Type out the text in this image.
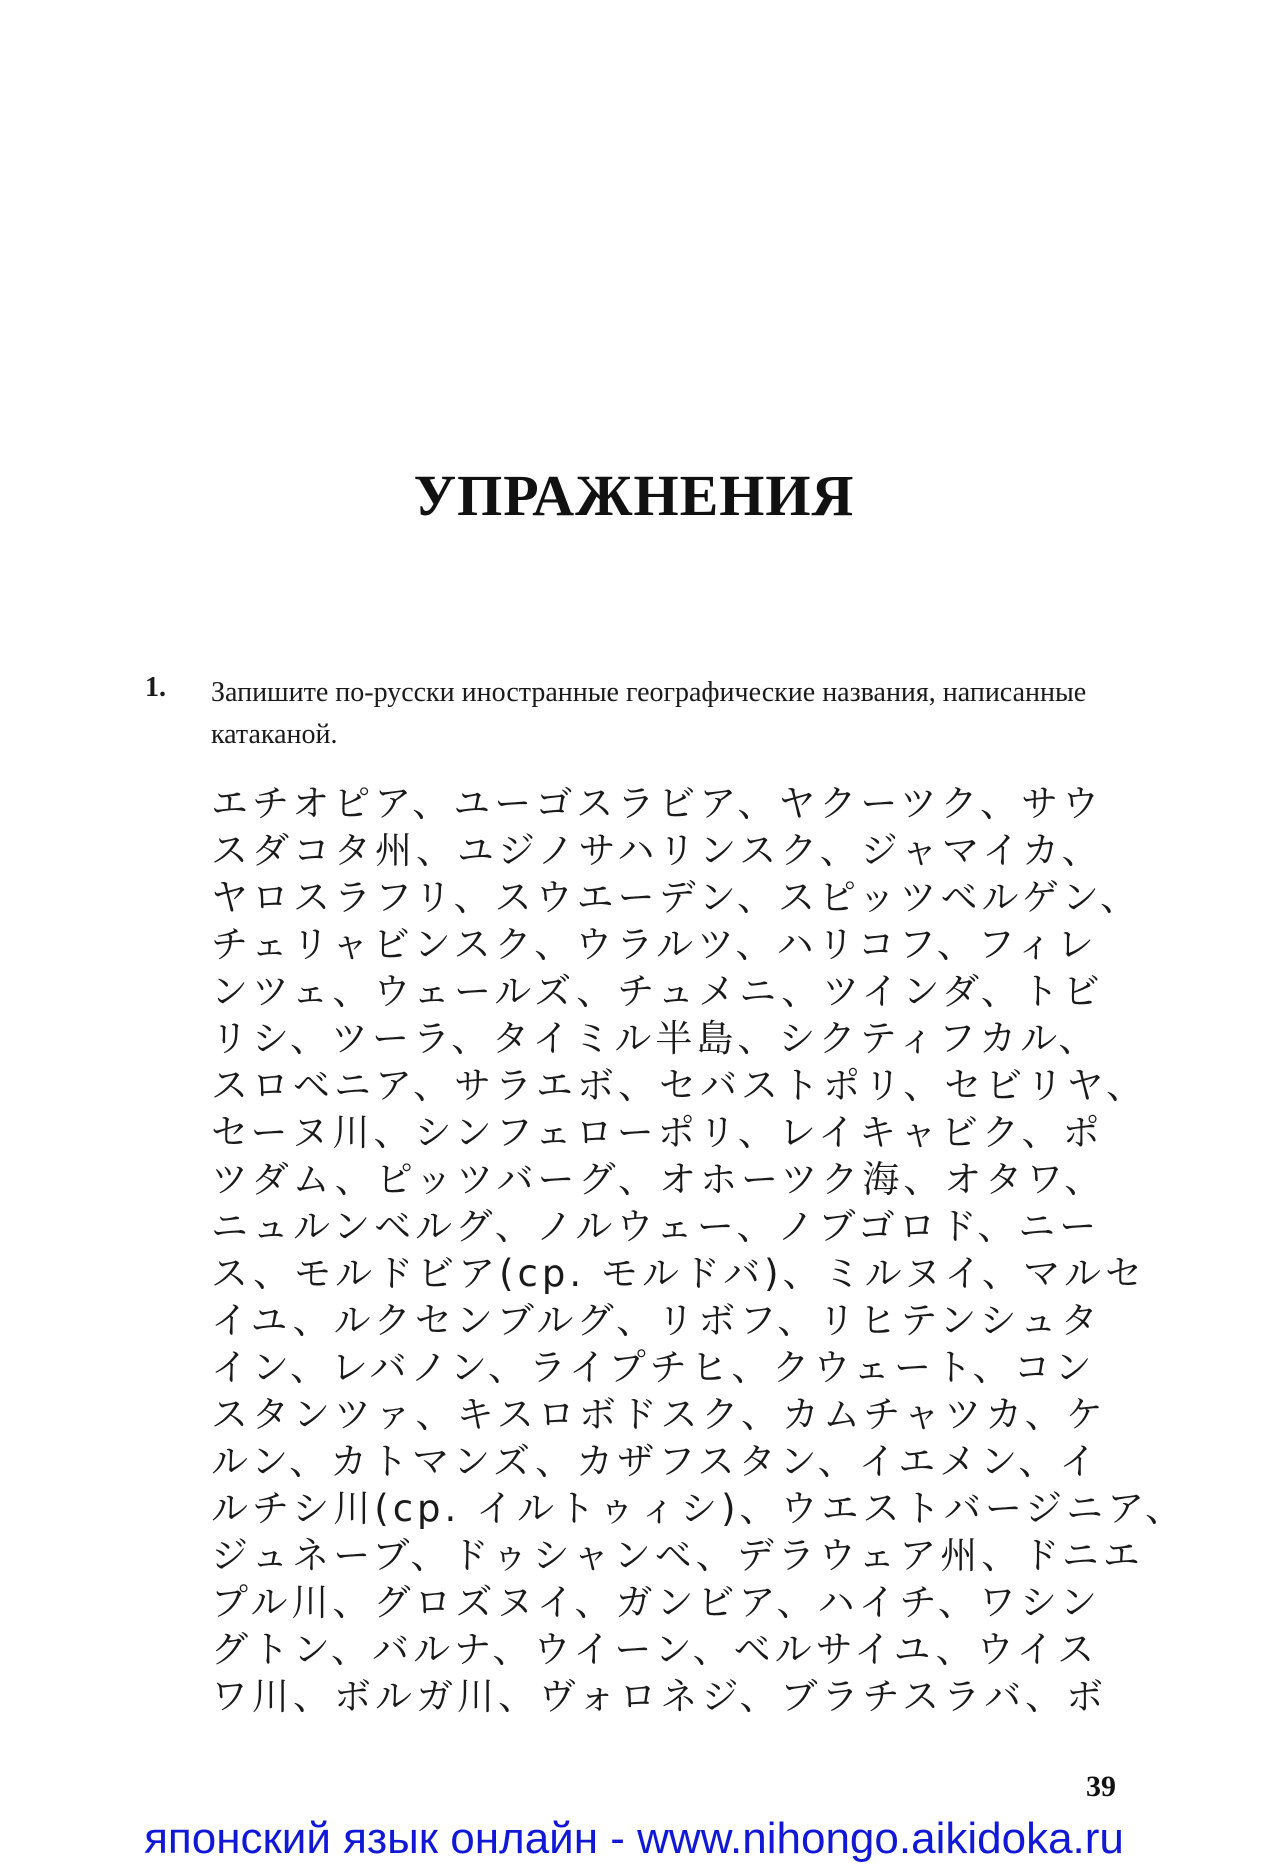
УПРАЖНЕНИЯ
1. Запишите по-русски иностранные географические названия, написанные катаканой.

エチオピア、ユーゴスラビア、ヤクーツク、サウ
スダコタ州、ユジノサハリンスク、ジャマイカ、
ヤロスラフリ、スウエーデン、スピッツベルゲン、
チェリャビンスク、ウラルツ、ハリコフ、フィレ
ンツェ、ウェールズ、チュメニ、ツインダ、トビ
リシ、ツーラ、タイミル半島、シクティフカル、
スロベニア、サラエボ、セバストポリ、セビリヤ、
セーヌ川、シンフェローポリ、レイキャビク、ポ
ツダム、ピッツバーグ、オホーツク海、オタワ、
ニュルンベルグ、ノルウェー、ノブゴロド、ニー
ス、モルドビア(ср. モルドバ)、ミルヌイ、マルセ
イユ、ルクセンブルグ、リボフ、リヒテンシュタ
イン、レバノン、ライプチヒ、クウェート、コン
スタンツァ、キスロボドスク、カムチャツカ、ケ
ルン、カトマンズ、カザフスタン、イエメン、イ
ルチシ川(ср. イルトゥィシ)、ウエストバージニア、
ジュネーブ、ドゥシャンベ、デラウェア州、ドニエ
プル川、グロズヌイ、ガンビア、ハイチ、ワシン
グトン、バルナ、ウイーン、ベルサイユ、ウイス
ワ川、ボルガ川、ヴォロネジ、ブラチスラバ、ボ
39
японский язык онлайн - www.nihongo.aikidoka.ru
